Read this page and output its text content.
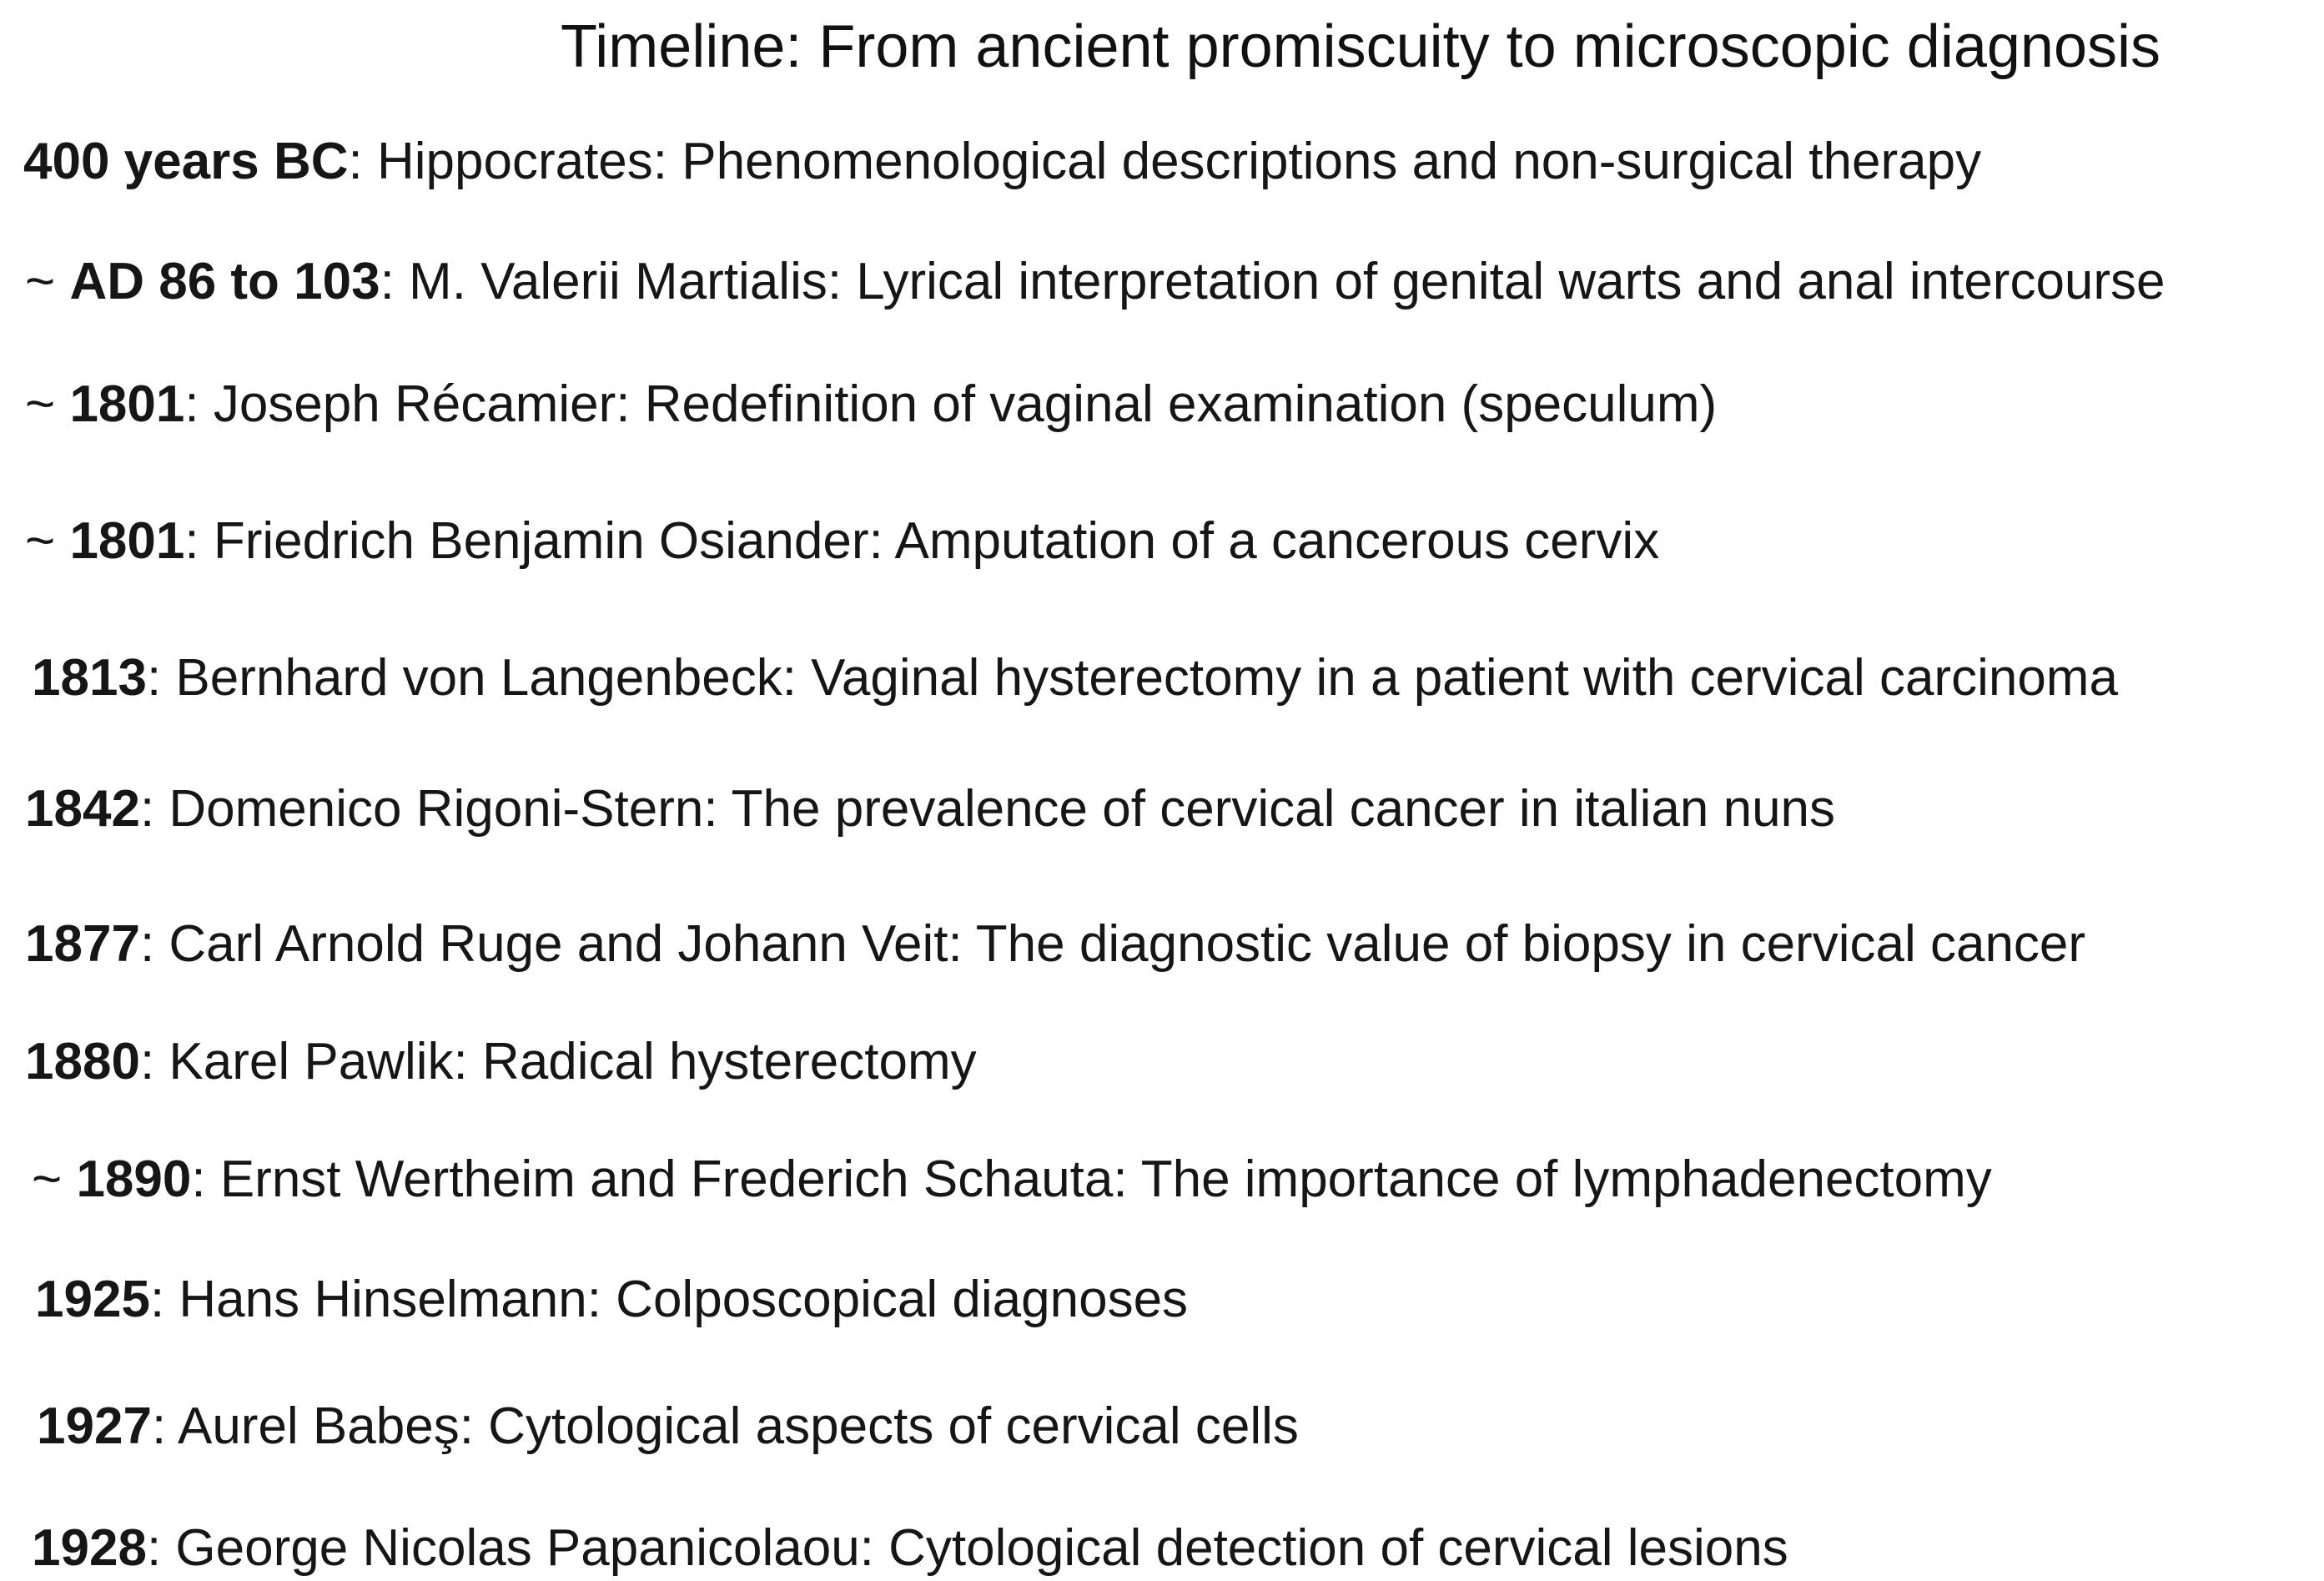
Timeline: From ancient promiscuity to microscopic diagnosis
400 years BC: Hippocrates: Phenomenological descriptions and non-surgical therapy
~ AD 86 to 103: M. Valerii Martialis: Lyrical interpretation of genital warts and anal intercourse
~ 1801: Joseph Récamier: Redefinition of vaginal examination (speculum)
~ 1801: Friedrich Benjamin Osiander: Amputation of a cancerous cervix
1813: Bernhard von Langenbeck: Vaginal hysterectomy in a patient with cervical carcinoma
1842: Domenico Rigoni-Stern: The prevalence of cervical cancer in italian nuns
1877: Carl Arnold Ruge and Johann Veit: The diagnostic value of biopsy in cervical cancer
1880: Karel Pawlik: Radical hysterectomy
~ 1890: Ernst Wertheim and Frederich Schauta: The importance of lymphadenectomy
1925: Hans Hinselmann: Colposcopical diagnoses
1927: Aurel Babeş: Cytological aspects of cervical cells
1928: George Nicolas Papanicolaou: Cytological detection of cervical lesions
